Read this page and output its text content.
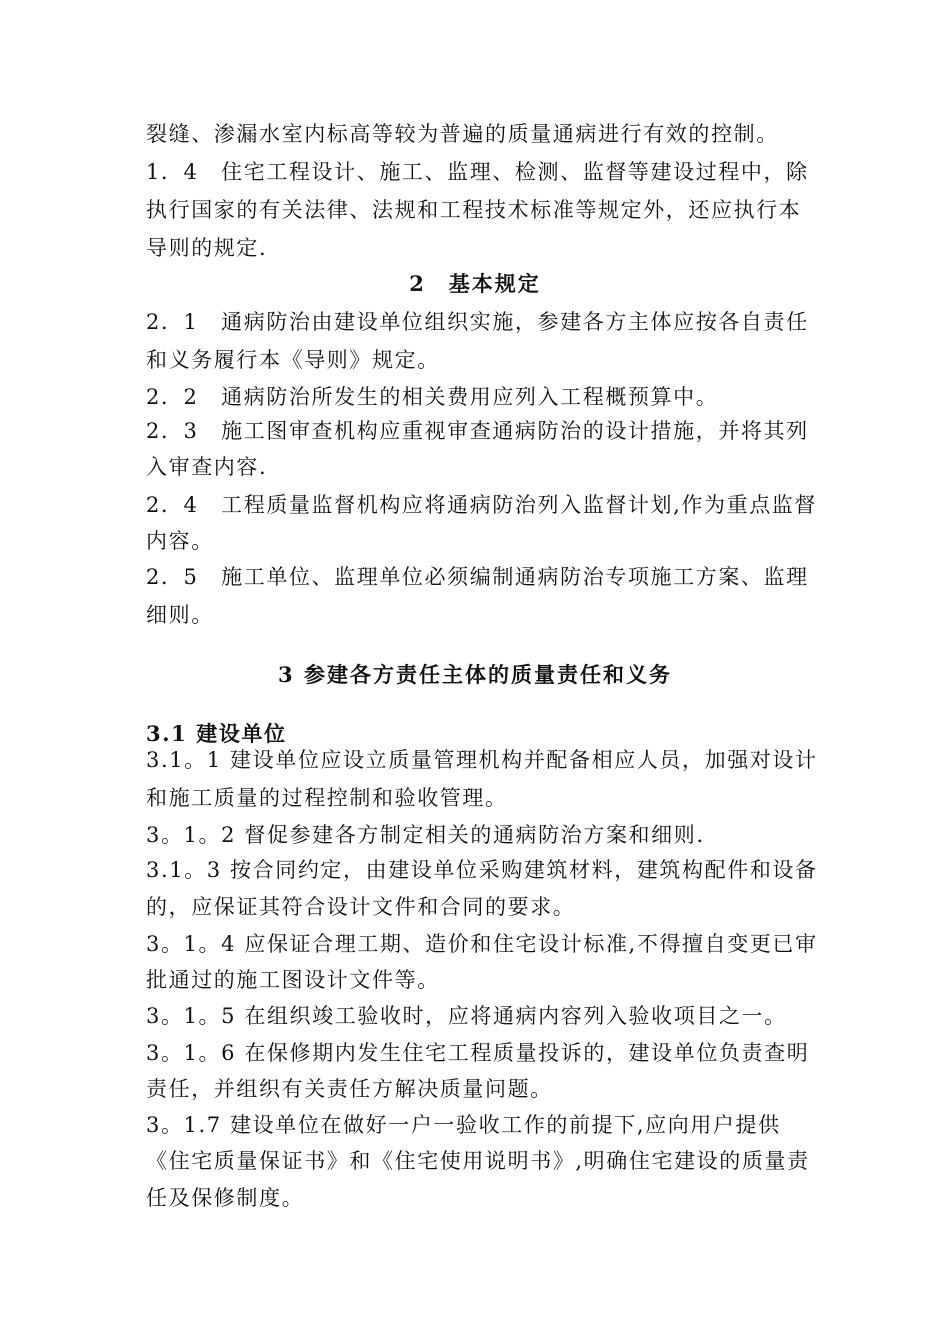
裂缝、渗漏水室内标高等较为普遍的质量通病进行有效的控制。
1．4　住宅工程设计、施工、监理、检测、监督等建设过程中，除
执行国家的有关法律、法规和工程技术标准等规定外，还应执行本
导则的规定.
2　基本规定
2．1　通病防治由建设单位组织实施，参建各方主体应按各自责任
和义务履行本《导则》规定。
2．2　通病防治所发生的相关费用应列入工程概预算中。
2．3　施工图审查机构应重视审查通病防治的设计措施，并将其列
入审查内容.
2．4　工程质量监督机构应将通病防治列入监督计划,作为重点监督
内容。
2．5　施工单位、监理单位必须编制通病防治专项施工方案、监理
细则。
3 参建各方责任主体的质量责任和义务
3.1 建设单位
3.1。1 建设单位应设立质量管理机构并配备相应人员，加强对设计
和施工质量的过程控制和验收管理。
3。1。2 督促参建各方制定相关的通病防治方案和细则.
3.1。3 按合同约定，由建设单位采购建筑材料，建筑构配件和设备
的，应保证其符合设计文件和合同的要求。
3。1。4 应保证合理工期、造价和住宅设计标准,不得擅自变更已审
批通过的施工图设计文件等。
3。1。5 在组织竣工验收时，应将通病内容列入验收项目之一。
3。1。6 在保修期内发生住宅工程质量投诉的，建设单位负责查明
责任，并组织有关责任方解决质量问题。
3。1.7 建设单位在做好一户一验收工作的前提下,应向用户提供
《住宅质量保证书》和《住宅使用说明书》,明确住宅建设的质量责
任及保修制度。
